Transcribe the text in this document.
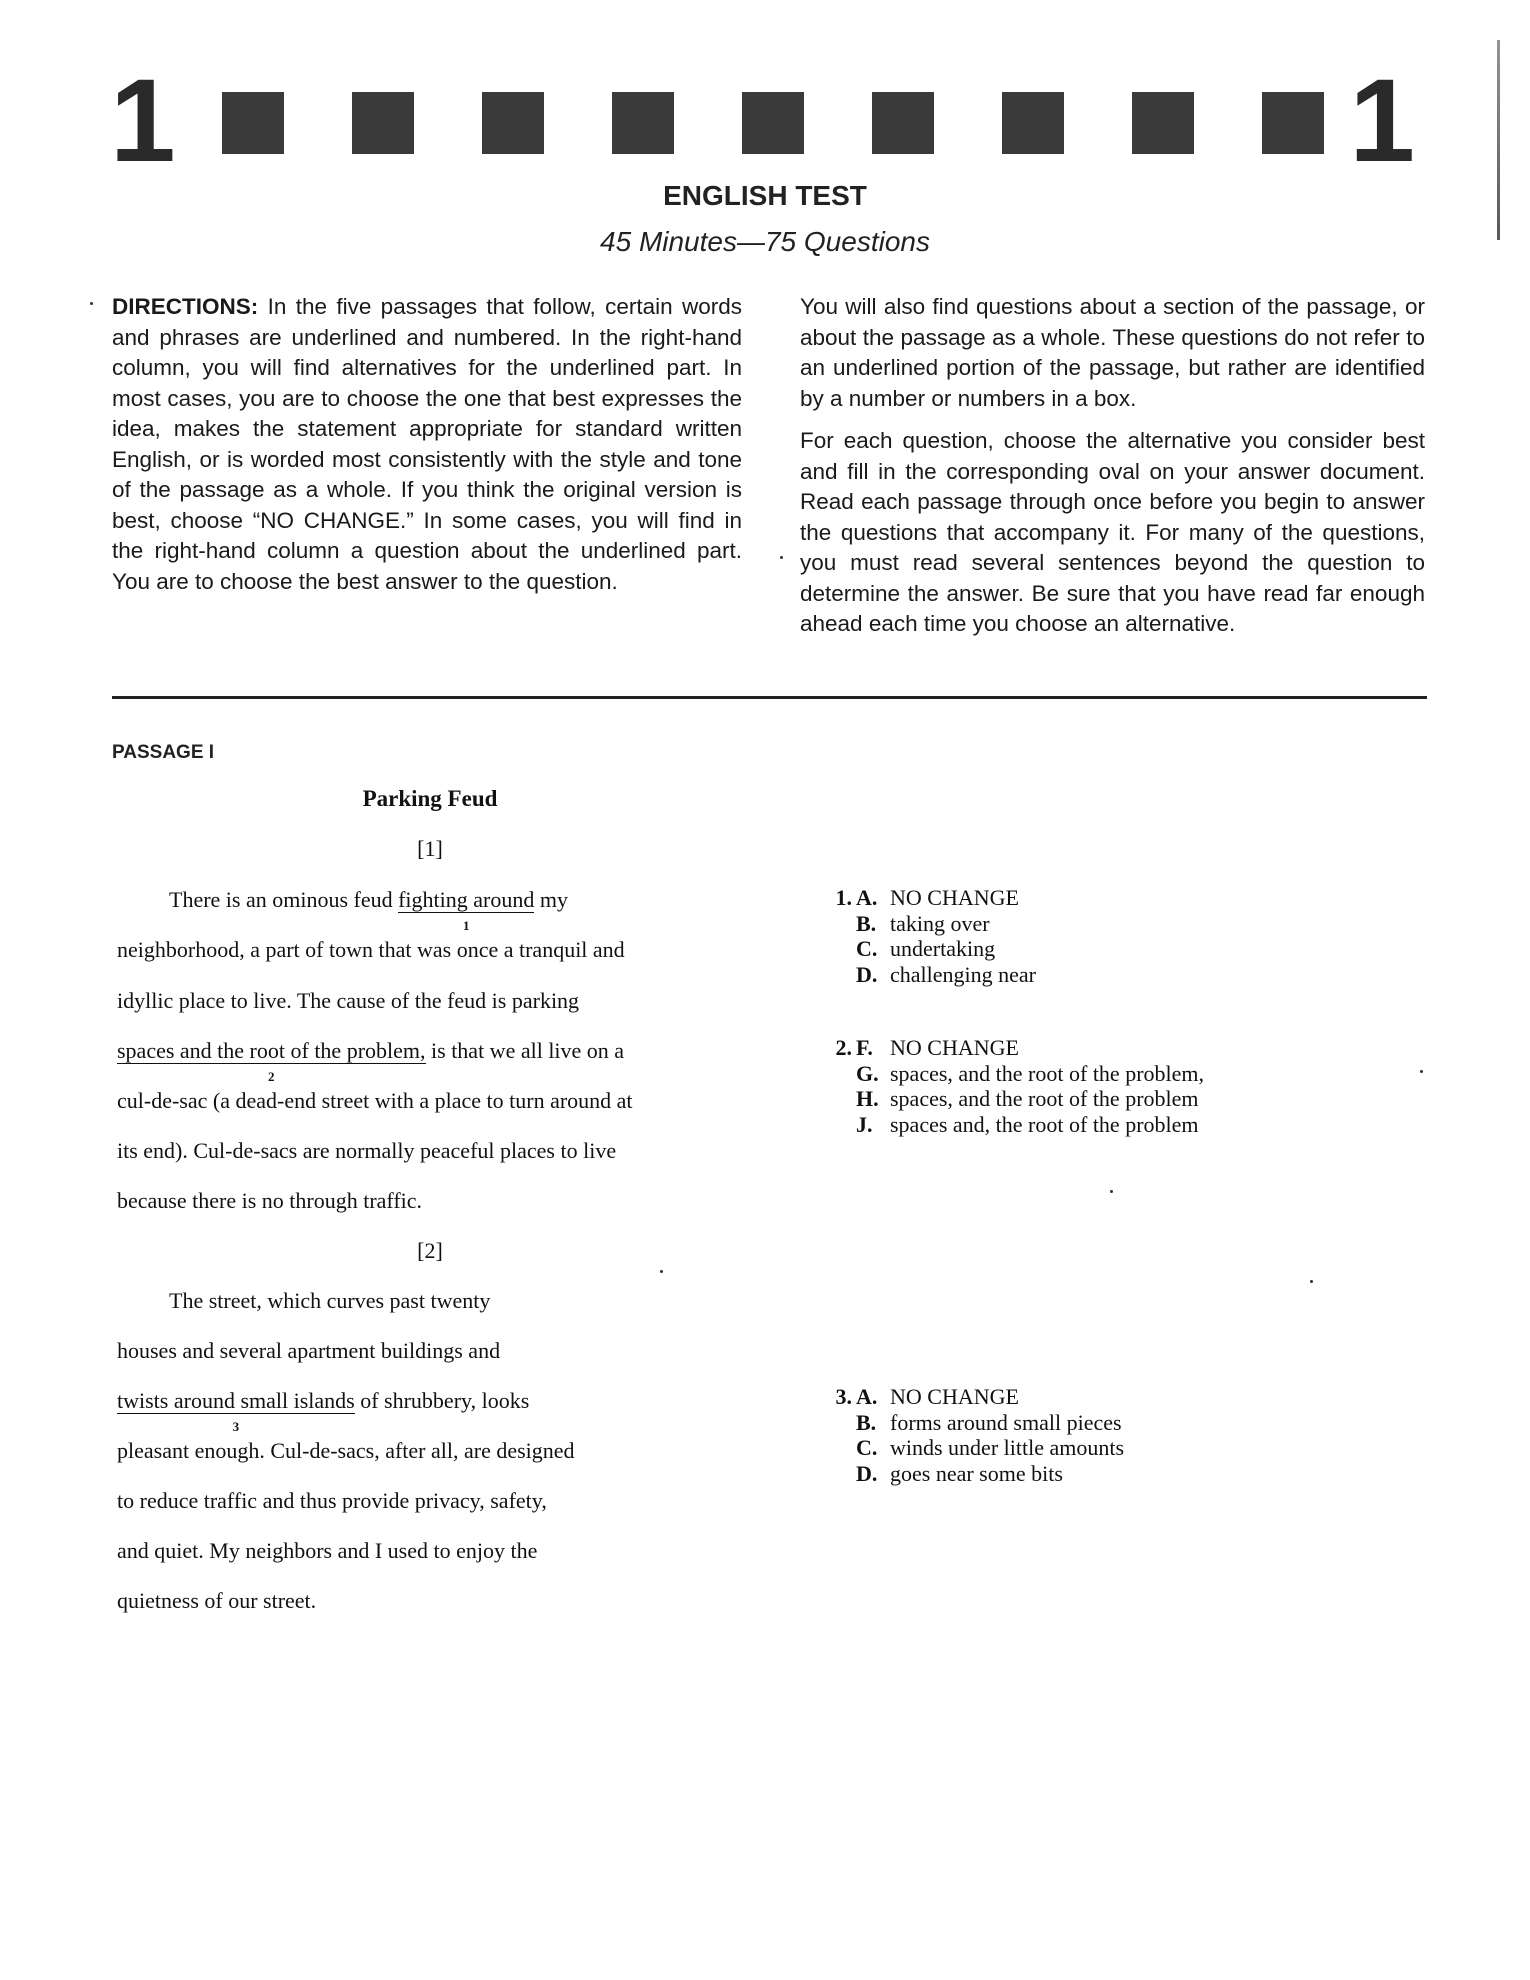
1	1
ENGLISH TEST
45 Minutes—75 Questions

DIRECTIONS: In the five passages that follow, certain words and phrases are underlined and numbered. In the right-hand column, you will find alternatives for the underlined part. In most cases, you are to choose the one that best expresses the idea, makes the statement appropriate for standard written English, or is worded most consistently with the style and tone of the passage as a whole. If you think the original version is best, choose “NO CHANGE.” In some cases, you will find in the right-hand column a question about the underlined part. You are to choose the best answer to the question.

You will also find questions about a section of the passage, or about the passage as a whole. These questions do not refer to an underlined portion of the passage, but rather are identified by a number or numbers in a box.

For each question, choose the alternative you consider best and fill in the corresponding oval on your answer document. Read each passage through once before you begin to answer the questions that accompany it. For many of the questions, you must read several sentences beyond the question to determine the answer. Be sure that you have read far enough ahead each time you choose an alternative.

PASSAGE I
Parking Feud
[1]
There is an ominous feud fighting around
1
my
neighborhood, a part of town that was once a tranquil and
idyllic place to live. The cause of the feud is parking
spaces and the root of the problem,
2
is that we all live on a
cul-de-sac (a dead-end street with a place to turn around at
its end). Cul-de-sacs are normally peaceful places to live
because there is no through traffic.
[2]
The street, which curves past twenty
houses and several apartment buildings and
twists around small islands
3
of shrubbery, looks
pleasant enough. Cul-de-sacs, after all, are designed
to reduce traffic and thus provide privacy, safety,
and quiet. My neighbors and I used to enjoy the
quietness of our street.
1. A. NO CHANGE
B. taking over
C. undertaking
D. challenging near
2. F. NO CHANGE
G. spaces, and the root of the problem,
H. spaces, and the root of the problem
J. spaces and, the root of the problem
3. A. NO CHANGE
B. forms around small pieces
C. winds under little amounts
D. goes near some bits
